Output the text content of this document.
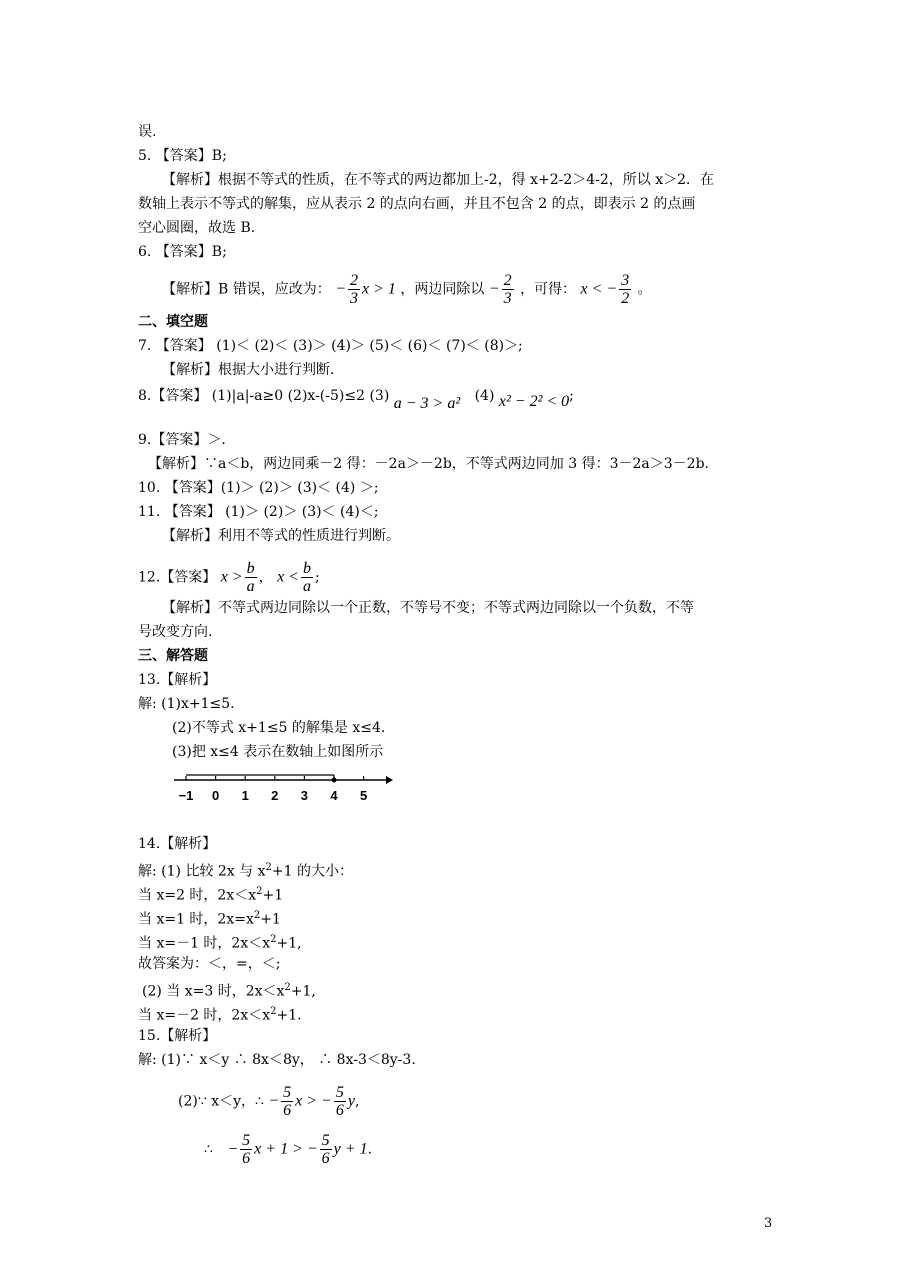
误.
5. 【答案】B;
【解析】根据不等式的性质，在不等式的两边都加上-2，得 x+2-2＞4-2，所以 x＞2．在
数轴上表示不等式的解集，应从表示 2 的点向右画，并且不包含 2 的点，即表示 2 的点画
空心圆圈，故选 B.
6. 【答案】B;
【解析】B 错误，应改为： − $\frac{2}{3}$ x > 1 ，两边同除以 − $\frac{2}{3}$ ，可得： x < − $\frac{3}{2}$ 。
二、填空题
7. 【答案】 (1)＜ (2)＜ (3)＞ (4)＞ (5)＜ (6)＜ (7)＜ (8)＞;
【解析】根据大小进行判断.
8.【答案】 (1)|a|-a≥0 (2)x-(-5)≤2 (3) a − 3 > a² (4) x² − 2² < 0;
9.【答案】＞.
【解析】∵a＜b，两边同乘－2 得：－2a＞－2b，不等式两边同加 3 得：3－2a＞3－2b.
10. 【答案】(1)＞ (2)＞ (3)＜ (4) ＞;
11. 【答案】 (1)＞ (2)＞ (3)＜ (4)＜;
【解析】利用不等式的性质进行判断。
12.【答案】 $x > \frac{b}{a}$ ， $x < \frac{b}{a}$ ;
【解析】不等式两边同除以一个正数，不等号不变；不等式两边同除以一个负数，不等
号改变方向.
三、解答题
13.【解析】
解: (1)x+1≤5.
(2)不等式 x+1≤5 的解集是 x≤4.
(3)把 x≤4 表示在数轴上如图所示
−1 0 1 2 3 4 5
14.【解析】
解: (1) 比较 2x 与 $x^2+1$ 的大小：
当 x=2 时，$2x<x^2+1$
当 x=1 时，$2x=x^2+1$
当 x=－1 时，$2x<x^2+1$,
故答案为：＜，=，＜;
(2) 当 x=3 时，$2x<x^2+1$,
当 x=－2 时，$2x<x^2+1$.
15.【解析】
解: (1)∵ x＜y ∴ 8x＜8y， ∴ 8x-3＜8y-3.
(2)∵ x＜y，∴ − $\frac{5}{6}$ x > − $\frac{5}{6} y$,
∴ − $\frac{5}{6}$ x + 1 > − $\frac{5}{6}$ y + 1.
3
